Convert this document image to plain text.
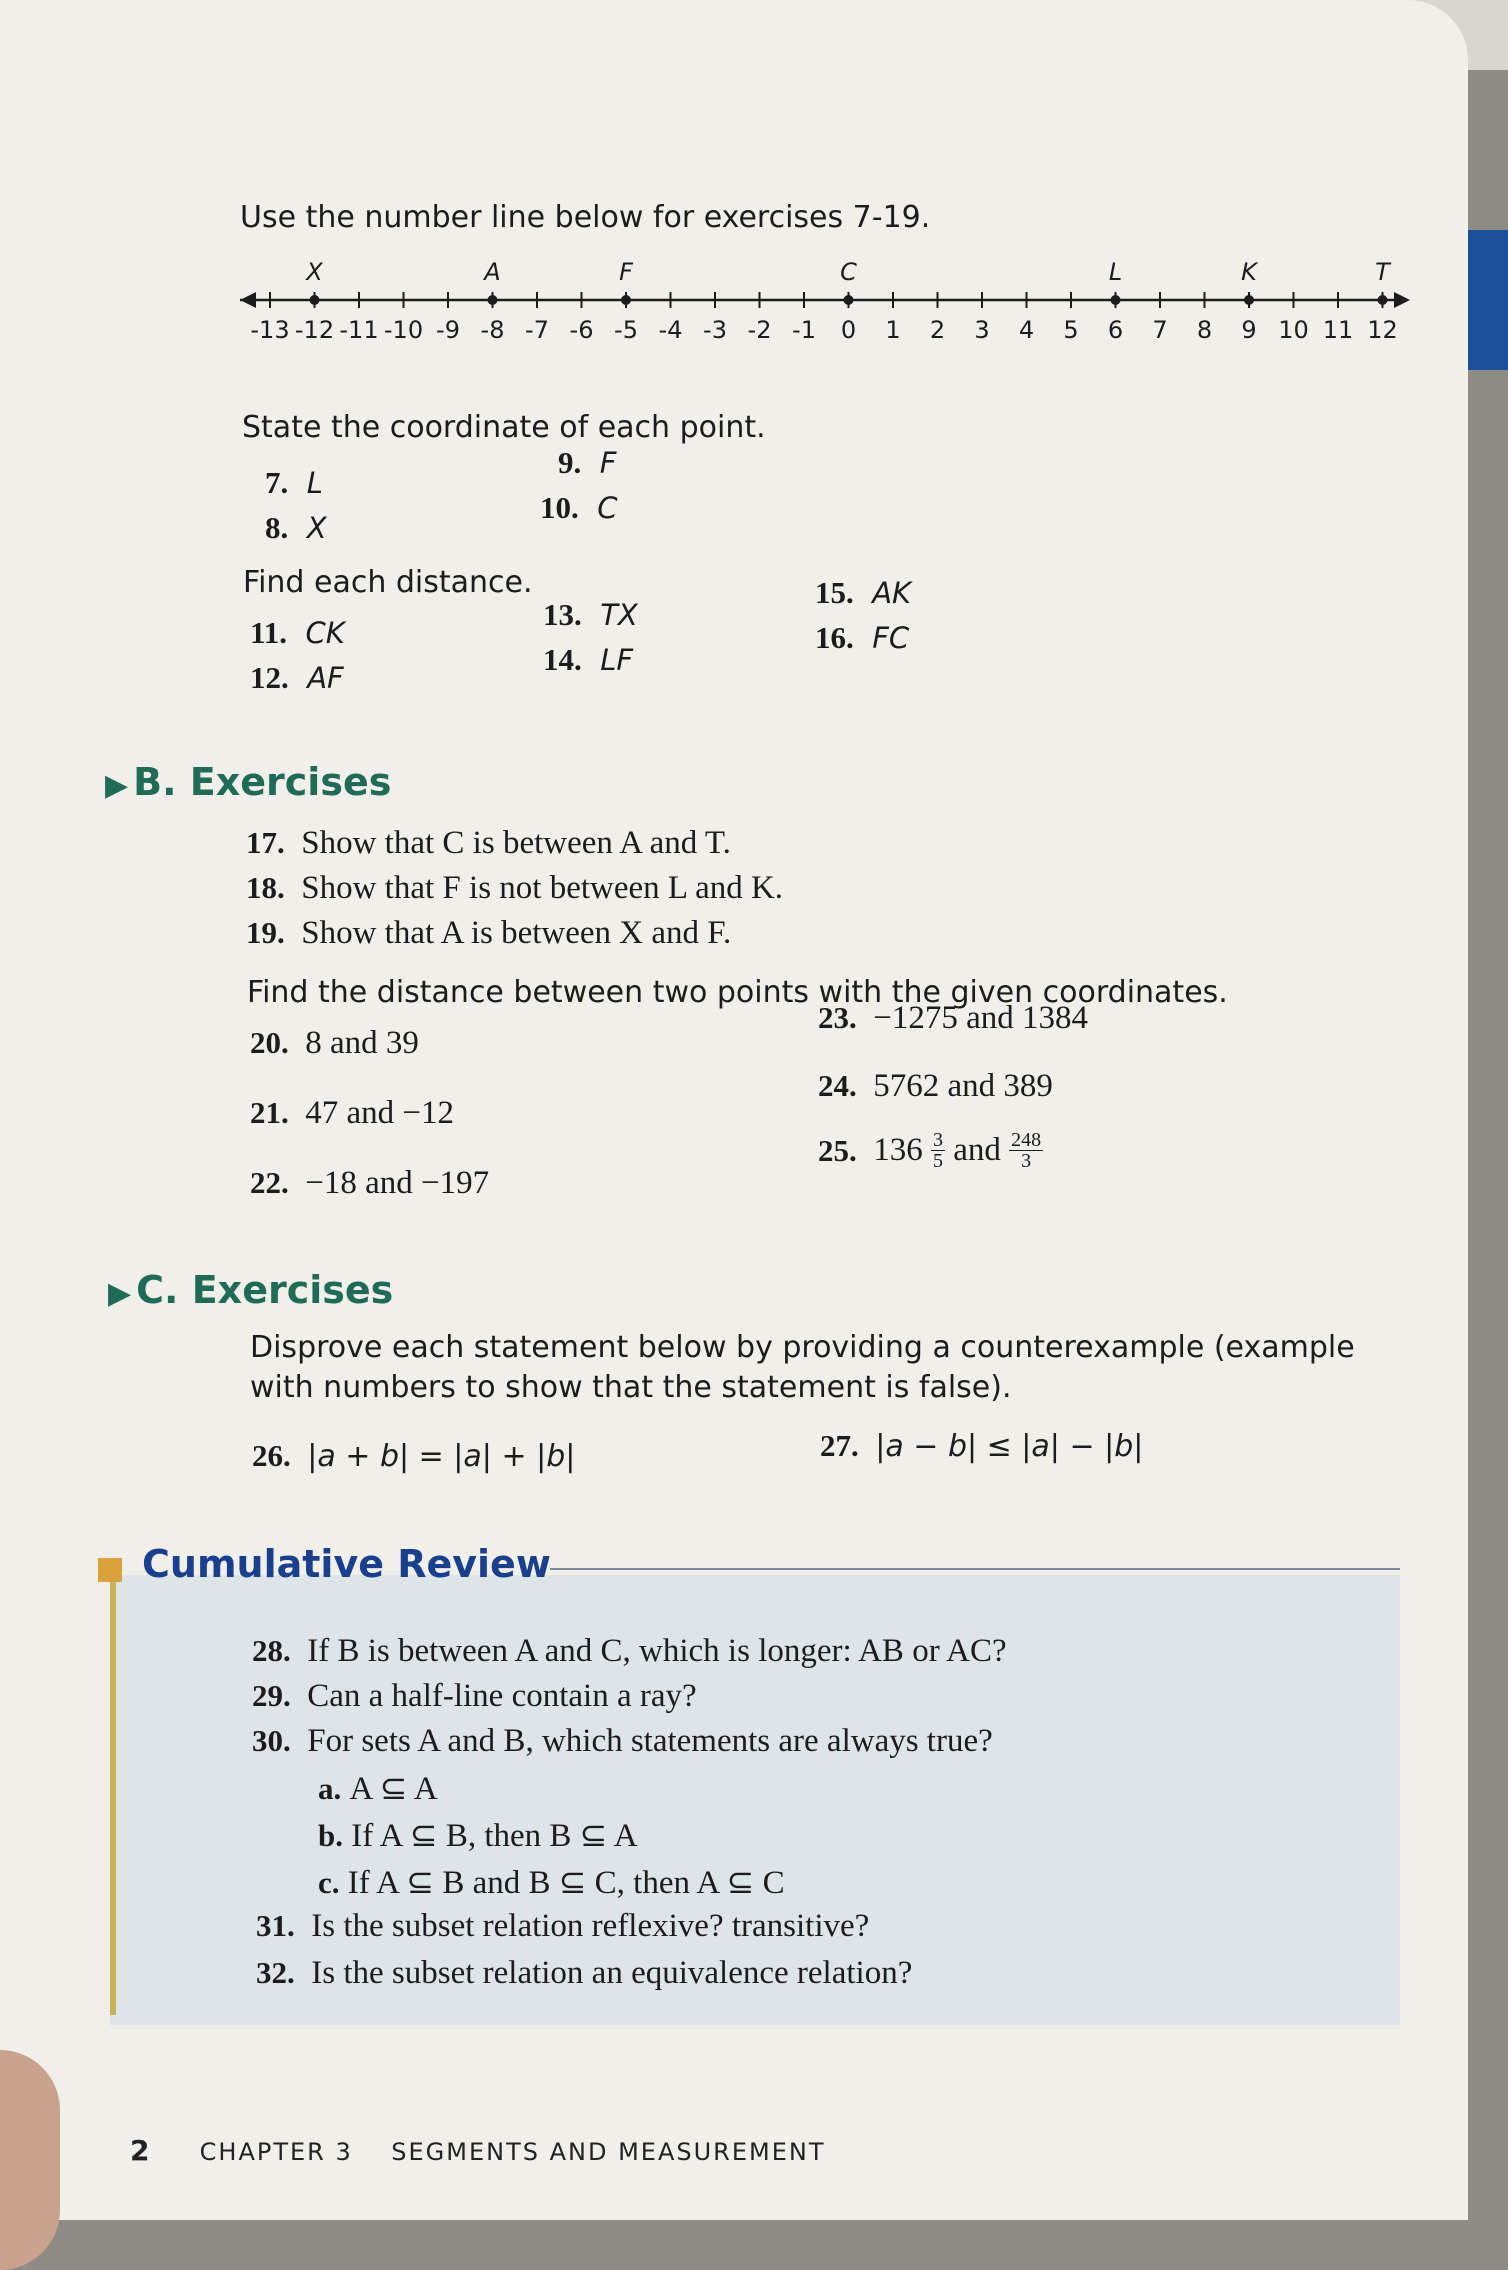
Use the number line below for exercises 7-19.
-13 -12 -11 -10 -9 -8 -7 -6 -5 -4 -3 -2 -1 0 1 2 3 4 5 6 7 8 9 10 11 12
X	A	F	C	L	K	T
State the coordinate of each point.
7. L
8. X
9. F
10. C
Find each distance.
11. CK
12. AF
13. TX
14. LF
15. AK
16. FC
▶ B. Exercises
17. Show that C is between A and T.
18. Show that F is not between L and K.
19. Show that A is between X and F.
Find the distance between two points with the given coordinates.
20. 8 and 39
21. 47 and −12
22. −18 and −197
23. −1275 and 1384
24. 5762 and 389
25.
136
3
5
and
248
3
▶ C. Exercises
Disprove each statement below by providing a counterexample (example
with numbers to show that the statement is false).
26. |a + b| = |a| + |b|	27. |a − b| ≤ |a| − |b|
Cumulative Review
28. If B is between A and C, which is longer: AB or AC?
29. Can a half-line contain a ray?
30. For sets A and B, which statements are always true?
a. A ⊆ A
b. If A ⊆ B, then B ⊆ A
c. If A ⊆ B and B ⊆ C, then A ⊆ C
31. Is the subset relation reflexive? transitive?
32. Is the subset relation an equivalence relation?
2 CHAPTER 3 SEGMENTS AND MEASUREMENT
